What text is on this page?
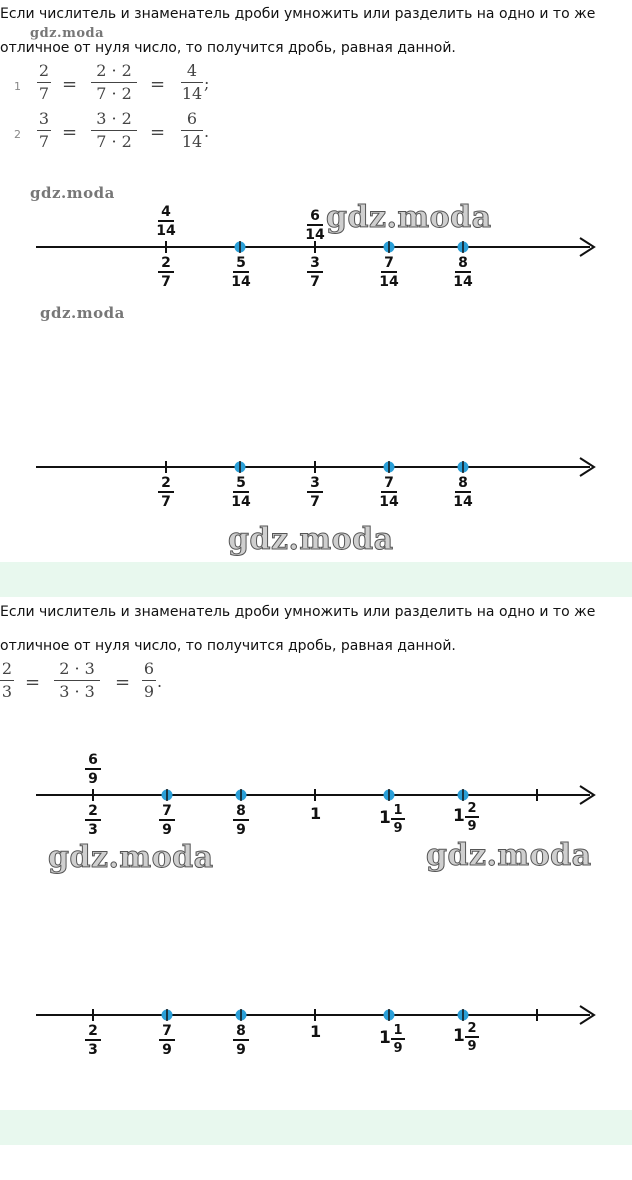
Если числитель и знаменатель дроби умножить или разделить на одно и то же
gdz.moda
отличное от нуля число, то получится дробь, равная данной.
1
2
7 =
2 · 2
7 · 2	=
4
14
;
2
3
7 =
3 · 2
7 · 2	=
6
14
.
gdz.moda
4
14
6
14 gdz.moda
2
7
5
14
3
7
7
14
8
14
gdz.moda
2
7
5
14
3
7
7
14
8
14
gdz.moda
Если числитель и знаменатель дроби умножить или разделить на одно и то же
отличное от нуля число, то получится дробь, равная данной.
2
3 =
2 · 3
3 · 3	=
6
9
.
6
9
2
3
7
9
8
9
1	1 1
9
1 2
9
gdz.moda	gdz.moda
2
3
7
9
8
9
1	1 1
9
1 2
9
